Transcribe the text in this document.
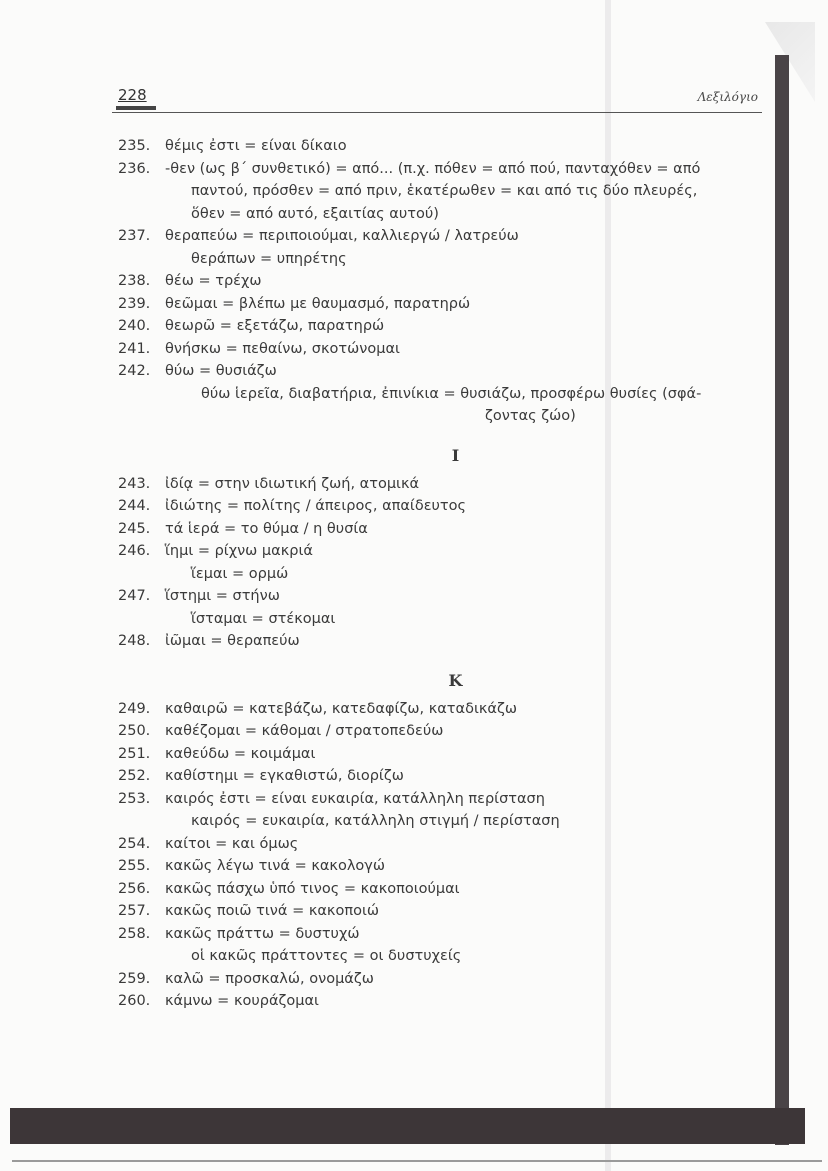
228	Λεξιλόγιο
235.	θέμις ἐστι = είναι δίκαιο
236.	-θεν (ως β΄ συνθετικό) = από... (π.χ. πόθεν = από πού, πανταχόθεν = από
παντού, πρόσθεν = από πριν, ἑκατέρωθεν = και από τις δύο πλευρές,
ὅθεν = από αυτό, εξαιτίας αυτού)
237.	θεραπεύω = περιποιούμαι, καλλιεργώ / λατρεύω
θεράπων = υπηρέτης
238.	θέω = τρέχω
239.	θεῶμαι = βλέπω με θαυμασμό, παρατηρώ
240.	θεωρῶ = εξετάζω, παρατηρώ
241.	θνήσκω = πεθαίνω, σκοτώνομαι
242.	θύω = θυσιάζω
θύω ἱερεῖα, διαβατήρια, ἐπινίκια = θυσιάζω, προσφέρω θυσίες (σφά-
ζοντας ζώο)
I
243.	ἰδίᾳ = στην ιδιωτική ζωή, ατομικά
244.	ἰδιώτης = πολίτης / άπειρος, απαίδευτος
245.	τά ἱερά = το θύμα / η θυσία
246.	ἵημι = ρίχνω μακριά
ἵεμαι = ορμώ
247.	ἵστημι = στήνω
ἵσταμαι = στέκομαι
248.	ἰῶμαι = θεραπεύω
K
249.	καθαιρῶ = κατεβάζω, κατεδαφίζω, καταδικάζω
250.	καθέζομαι = κάθομαι / στρατοπεδεύω
251.	καθεύδω = κοιμάμαι
252.	καθίστημι = εγκαθιστώ, διορίζω
253.	καιρός ἐστι = είναι ευκαιρία, κατάλληλη περίσταση
καιρός = ευκαιρία, κατάλληλη στιγμή / περίσταση
254.	καίτοι = και όμως
255.	κακῶς λέγω τινά = κακολογώ
256.	κακῶς πάσχω ὑπό τινος = κακοποιούμαι
257.	κακῶς ποιῶ τινά = κακοποιώ
258.	κακῶς πράττω = δυστυχώ
οἱ κακῶς πράττοντες = οι δυστυχείς
259.	καλῶ = προσκαλώ, ονομάζω
260.	κάμνω = κουράζομαι
